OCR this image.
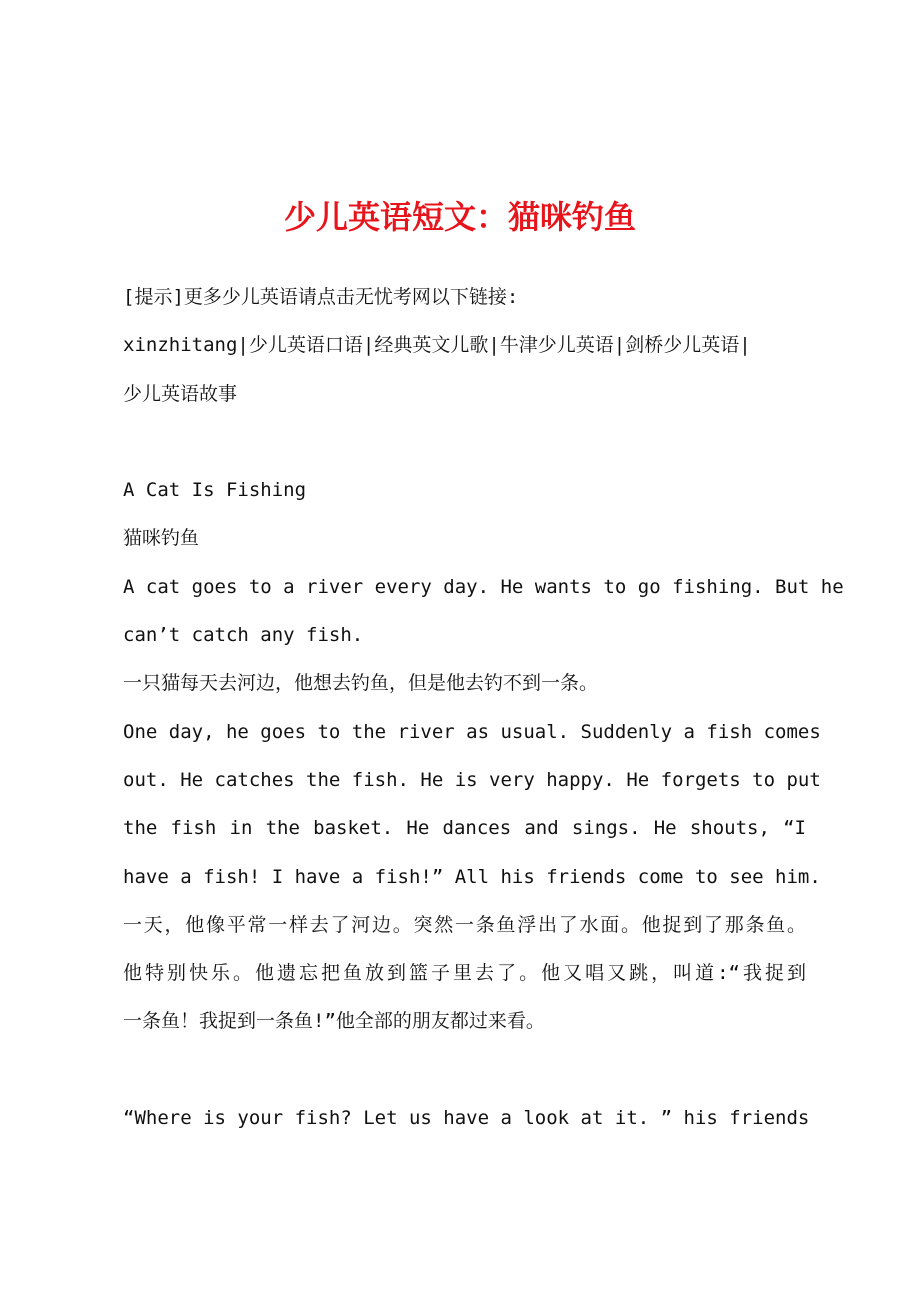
少儿英语短文：猫咪钓鱼
[提示]更多少儿英语请点击无忧考网以下链接:
xinzhitang|少儿英语口语|经典英文儿歌|牛津少儿英语|剑桥少儿英语|
少儿英语故事
A Cat Is Fishing
猫咪钓鱼
A cat goes to a river every day. He wants to go fishing. But he
can’t catch any fish.
一只猫每天去河边，他想去钓鱼，但是他去钓不到一条。
One day, he goes to the river as usual. Suddenly a fish comes
out. He catches the fish. He is very happy. He forgets to put
the fish in the basket. He dances and sings. He shouts, “I
have a fish! I have a fish!” All his friends come to see him.
一天，他像平常一样去了河边。突然一条鱼浮出了水面。他捉到了那条鱼。
他特别快乐。他遗忘把鱼放到篮子里去了。他又唱又跳，叫道:“我捉到
一条鱼！我捉到一条鱼!”他全部的朋友都过来看。
“Where is your fish? Let us have a look at it. ” his friends
